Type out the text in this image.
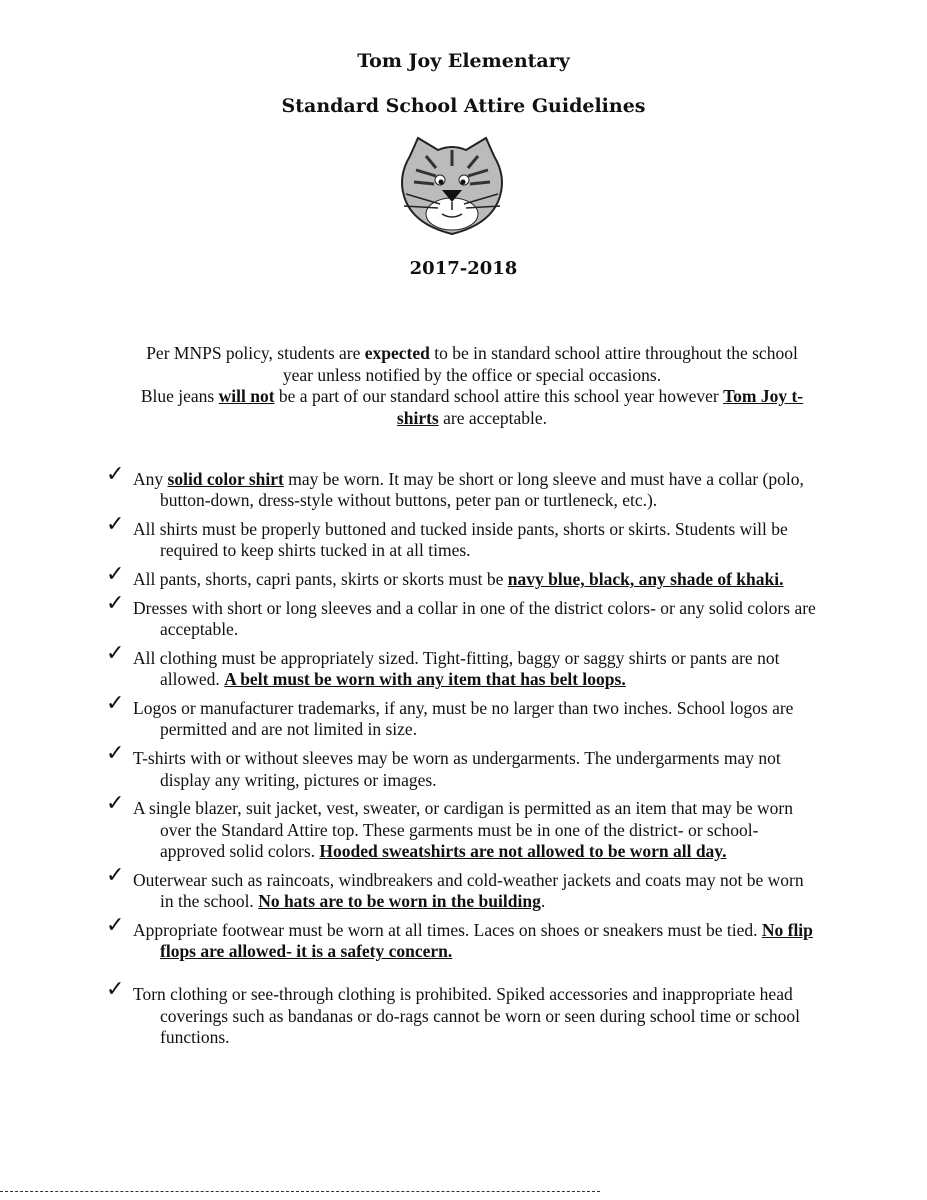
Tom Joy Elementary
Standard School Attire Guidelines
2017-2018
Per MNPS policy, students are expected to be in standard school attire throughout the school year unless notified by the office or special occasions.
Blue jeans will not be a part of our standard school attire this school year however Tom Joy t-shirts are acceptable.
✓ Any solid color shirt may be worn. It may be short or long sleeve and must have a collar (polo, button-down, dress-style without buttons, peter pan or turtleneck, etc.).
✓ All shirts must be properly buttoned and tucked inside pants, shorts or skirts. Students will be required to keep shirts tucked in at all times.
✓ All pants, shorts, capri pants, skirts or skorts must be navy blue, black, any shade of khaki.
✓ Dresses with short or long sleeves and a collar in one of the district colors- or any solid colors are acceptable.
✓ All clothing must be appropriately sized. Tight-fitting, baggy or saggy shirts or pants are not allowed. A belt must be worn with any item that has belt loops.
✓ Logos or manufacturer trademarks, if any, must be no larger than two inches. School logos are permitted and are not limited in size.
✓ T-shirts with or without sleeves may be worn as undergarments. The undergarments may not display any writing, pictures or images.
✓ A single blazer, suit jacket, vest, sweater, or cardigan is permitted as an item that may be worn over the Standard Attire top. These garments must be in one of the district- or school-approved solid colors. Hooded sweatshirts are not allowed to be worn all day.
✓ Outerwear such as raincoats, windbreakers and cold-weather jackets and coats may not be worn in the school. No hats are to be worn in the building.
✓ Appropriate footwear must be worn at all times. Laces on shoes or sneakers must be tied. No flip flops are allowed- it is a safety concern.
✓ Torn clothing or see-through clothing is prohibited. Spiked accessories and inappropriate head coverings such as bandanas or do-rags cannot be worn or seen during school time or school functions.
